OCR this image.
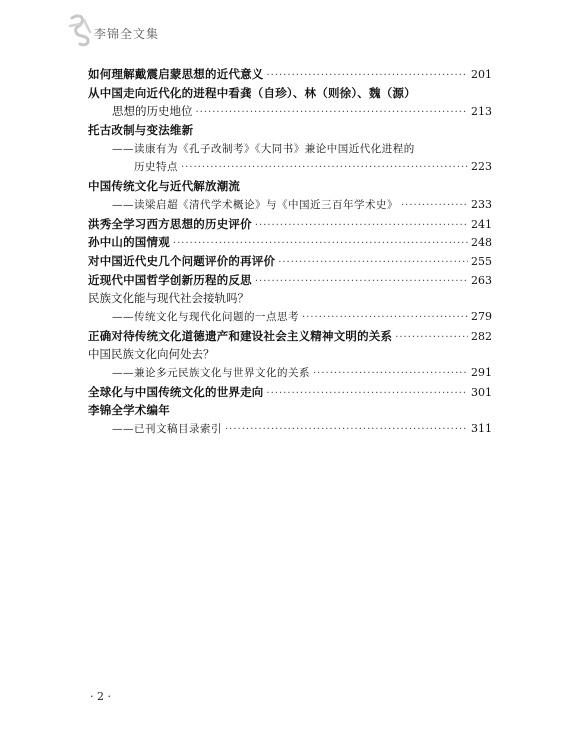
李锦全文集
如何理解戴震启蒙思想的近代意义 ·····	201
从中国走向近代化的进程中看龚（自珍）、林（则徐）、魏（源）
思想的历史地位 ·····	213
托古改制与变法维新
——读康有为《孔子改制考》《大同书》兼论中国近代化进程的
历史特点 ·····	223
中国传统文化与近代解放潮流
——读梁启超《清代学术概论》与《中国近三百年学术史》 ·····	233
洪秀全学习西方思想的历史评价 ·····	241
孙中山的国情观 ·····	248
对中国近代史几个问题评价的再评价 ·····	255
近现代中国哲学创新历程的反思 ·····	263
民族文化能与现代社会接轨吗？
——传统文化与现代化问题的一点思考 ·····	279
正确对待传统文化道德遗产和建设社会主义精神文明的关系 ·····	282
中国民族文化向何处去？
——兼论多元民族文化与世界文化的关系 ·····	291
全球化与中国传统文化的世界走向 ·····	301
李锦全学术编年
——已刊文稿目录索引 ·····	311
· 2 ·
